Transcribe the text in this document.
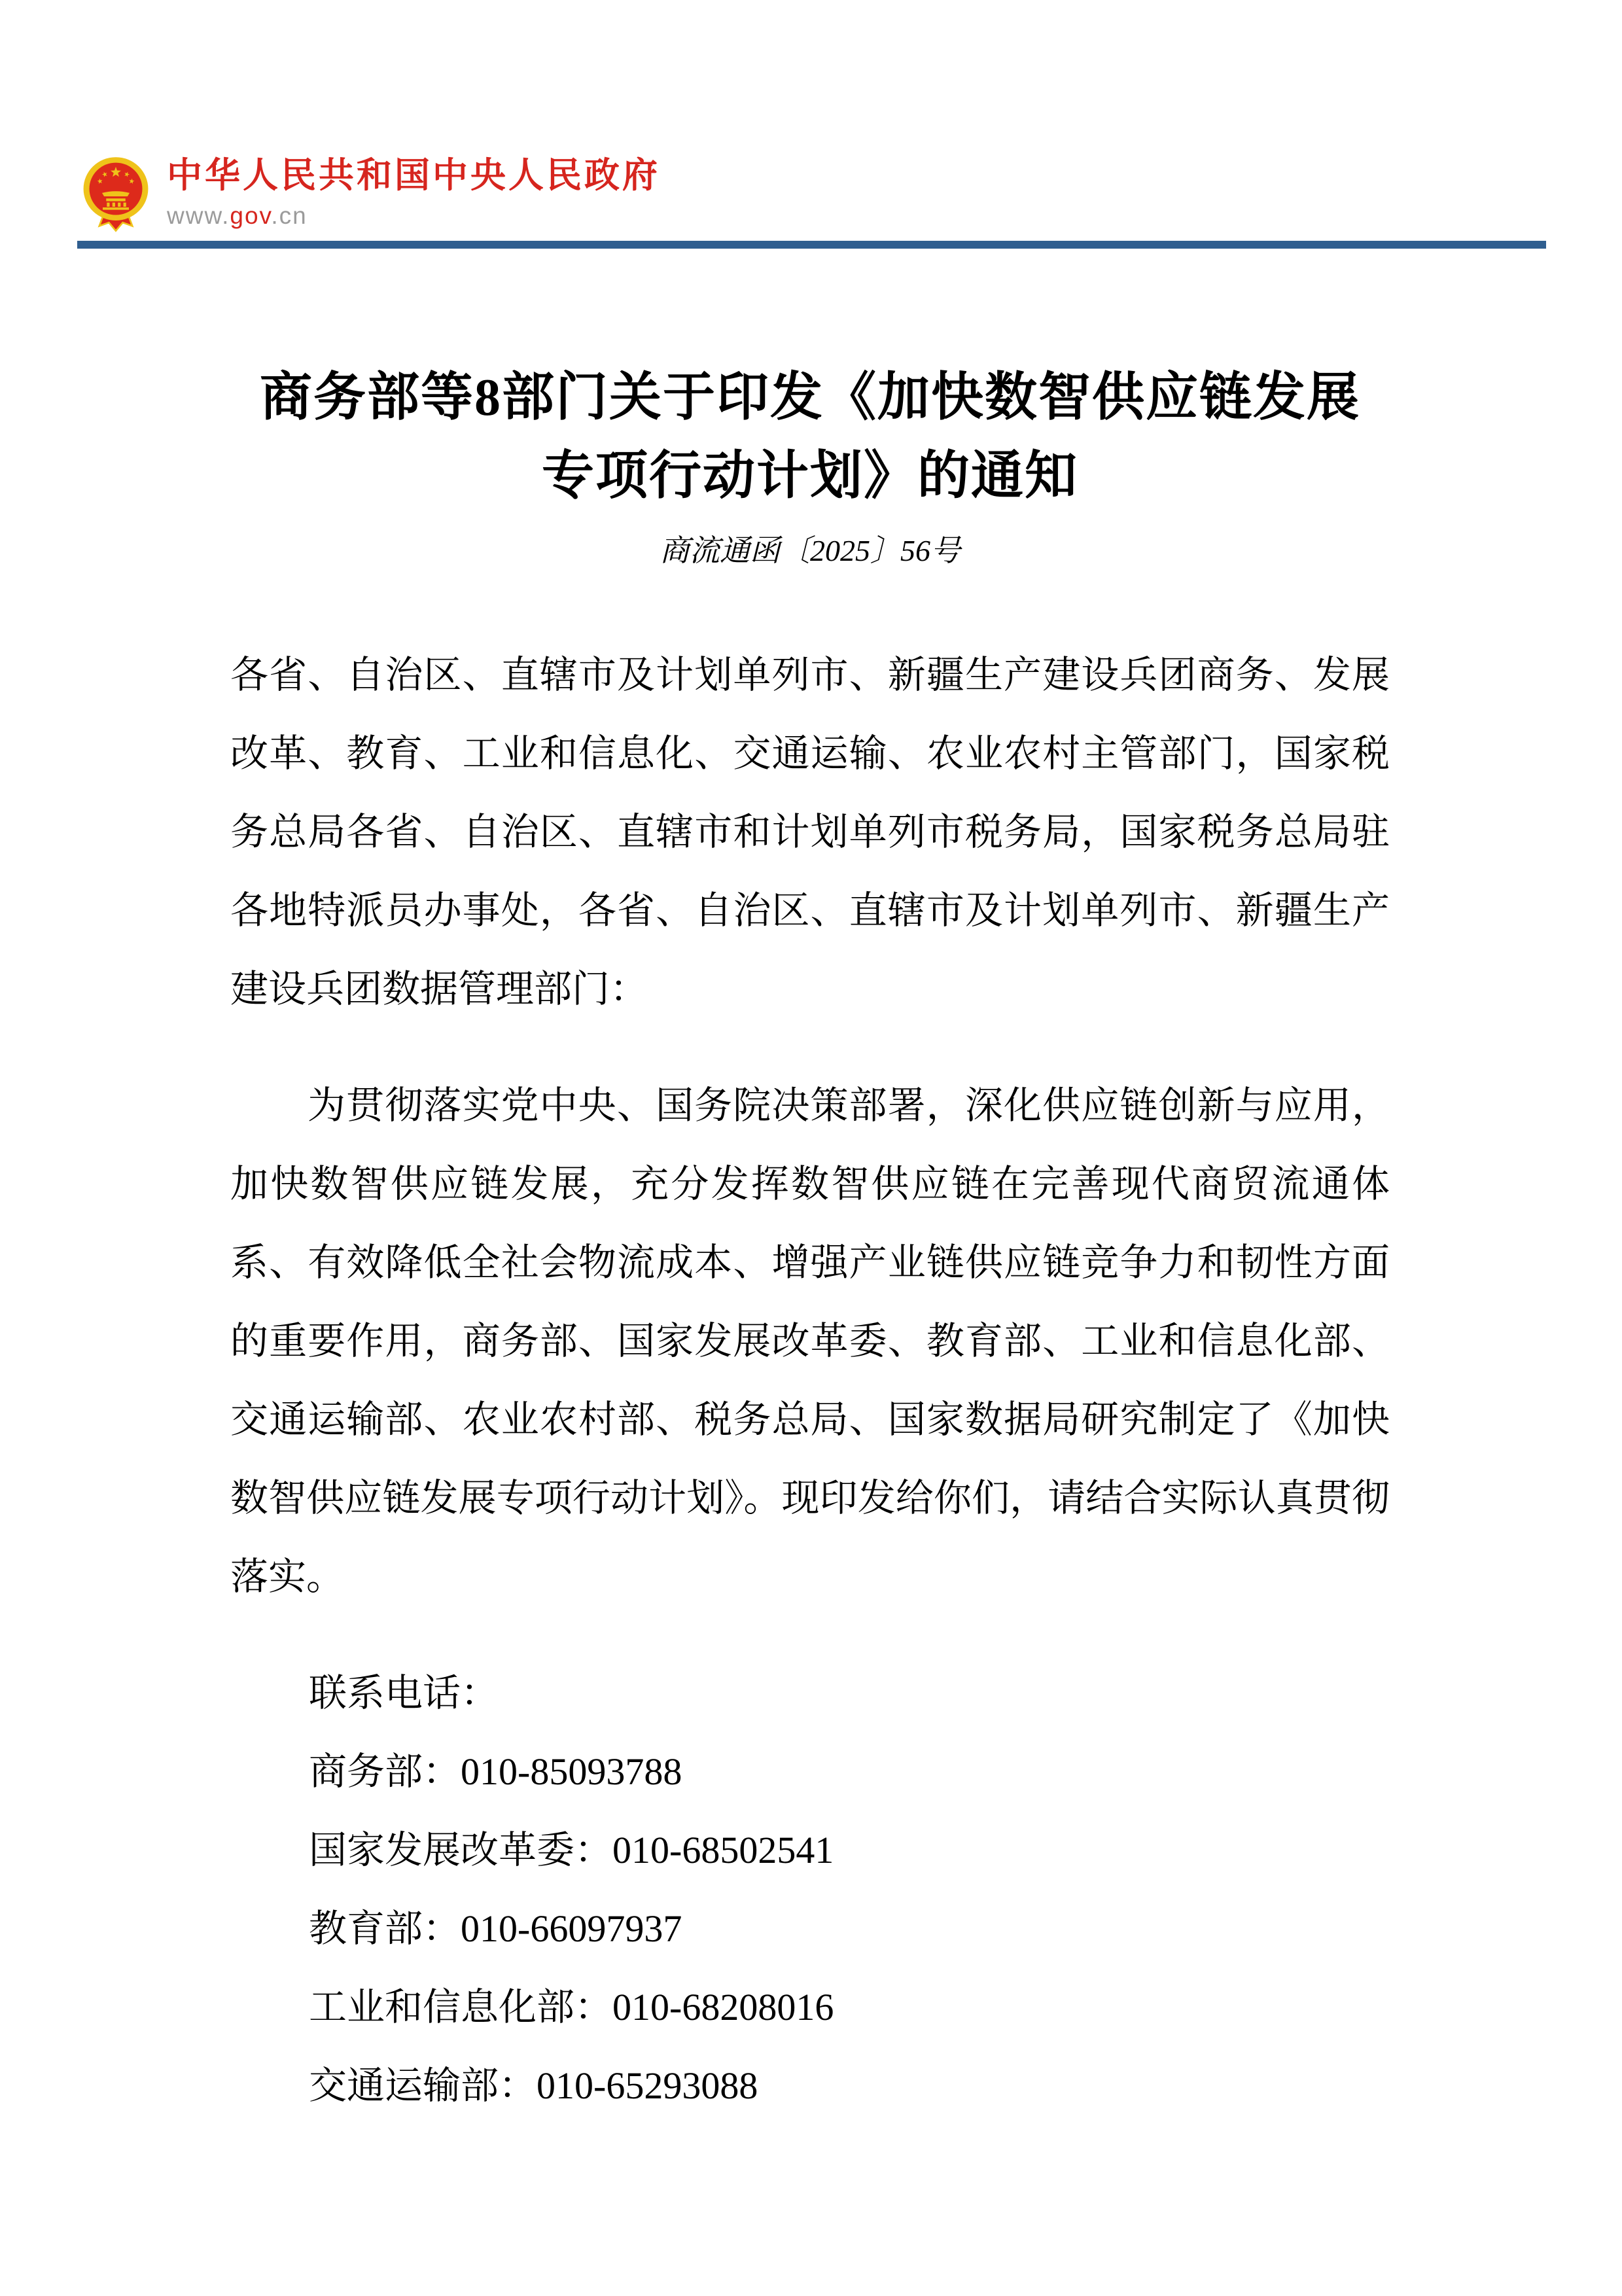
中华人民共和国中央人民政府
www.gov.cn
商务部等8部门关于印发《加快数智供应链发展
专项行动计划》的通知
商流通函〔2025〕56号

各省、自治区、直辖市及计划单列市、新疆生产建设兵团商务、发展改革、教育、工业和信息化、交通运输、农业农村主管部门，国家税务总局各省、自治区、直辖市和计划单列市税务局，国家税务总局驻各地特派员办事处，各省、自治区、直辖市及计划单列市、新疆生产建设兵团数据管理部门：

为贯彻落实党中央、国务院决策部署，深化供应链创新与应用，加快数智供应链发展，充分发挥数智供应链在完善现代商贸流通体系、有效降低全社会物流成本、增强产业链供应链竞争力和韧性方面的重要作用，商务部、国家发展改革委、教育部、工业和信息化部、交通运输部、农业农村部、税务总局、国家数据局研究制定了《加快数智供应链发展专项行动计划》。现印发给你们，请结合实际认真贯彻落实。

联系电话：
商务部：010-85093788
国家发展改革委：010-68502541
教育部：010-66097937
工业和信息化部：010-68208016
交通运输部：010-65293088
